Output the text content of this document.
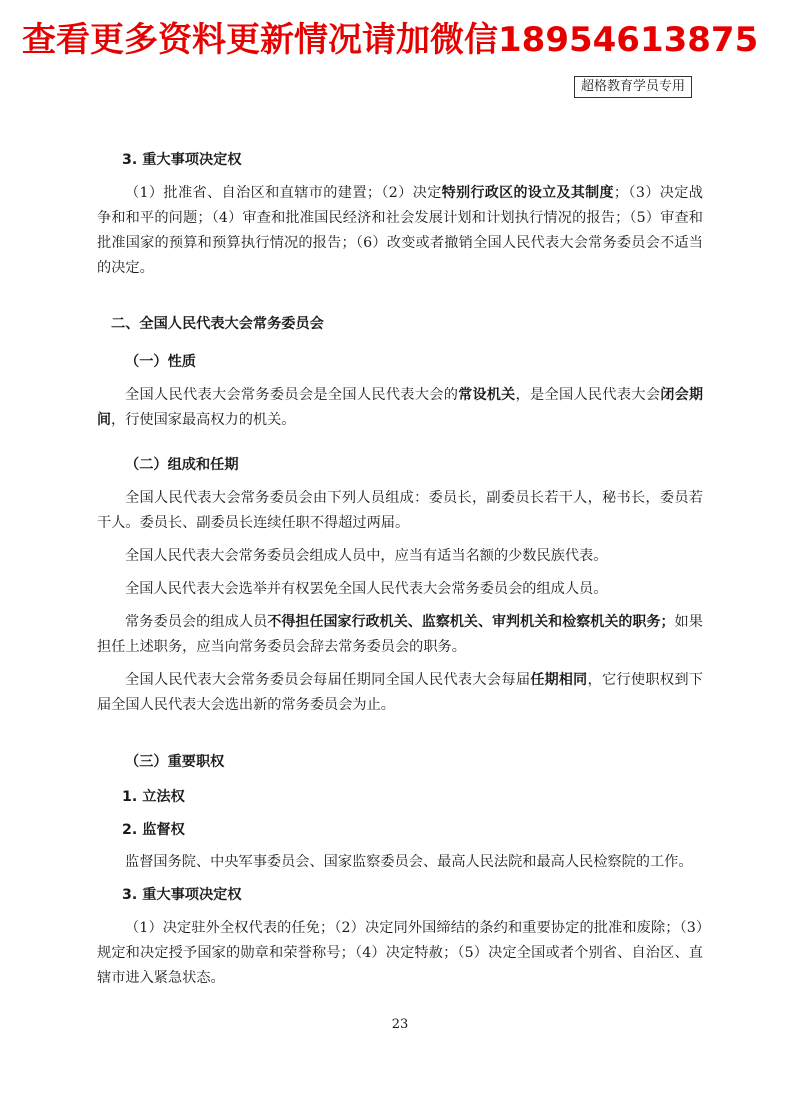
查看更多资料更新情况请加微信18954613875
超格教育学员专用

3. 重大事项决定权

（1）批准省、自治区和直辖市的建置；（2）决定特别行政区的设立及其制度；（3）决定战争和和平的问题；（4）审查和批准国民经济和社会发展计划和计划执行情况的报告；（5）审查和批准国家的预算和预算执行情况的报告；（6）改变或者撤销全国人民代表大会常务委员会不适当的决定。

二、全国人民代表大会常务委员会

（一）性质

全国人民代表大会常务委员会是全国人民代表大会的常设机关，是全国人民代表大会闭会期间，行使国家最高权力的机关。

（二）组成和任期

全国人民代表大会常务委员会由下列人员组成：委员长，副委员长若干人，秘书长，委员若干人。委员长、副委员长连续任职不得超过两届。

全国人民代表大会常务委员会组成人员中，应当有适当名额的少数民族代表。

全国人民代表大会选举并有权罢免全国人民代表大会常务委员会的组成人员。

常务委员会的组成人员不得担任国家行政机关、监察机关、审判机关和检察机关的职务；如果担任上述职务，应当向常务委员会辞去常务委员会的职务。

全国人民代表大会常务委员会每届任期同全国人民代表大会每届任期相同，它行使职权到下届全国人民代表大会选出新的常务委员会为止。

（三）重要职权

1. 立法权

2. 监督权

监督国务院、中央军事委员会、国家监察委员会、最高人民法院和最高人民检察院的工作。

3. 重大事项决定权

（1）决定驻外全权代表的任免；（2）决定同外国缔结的条约和重要协定的批准和废除；（3）规定和决定授予国家的勋章和荣誉称号；（4）决定特赦；（5）决定全国或者个别省、自治区、直辖市进入紧急状态。

23
